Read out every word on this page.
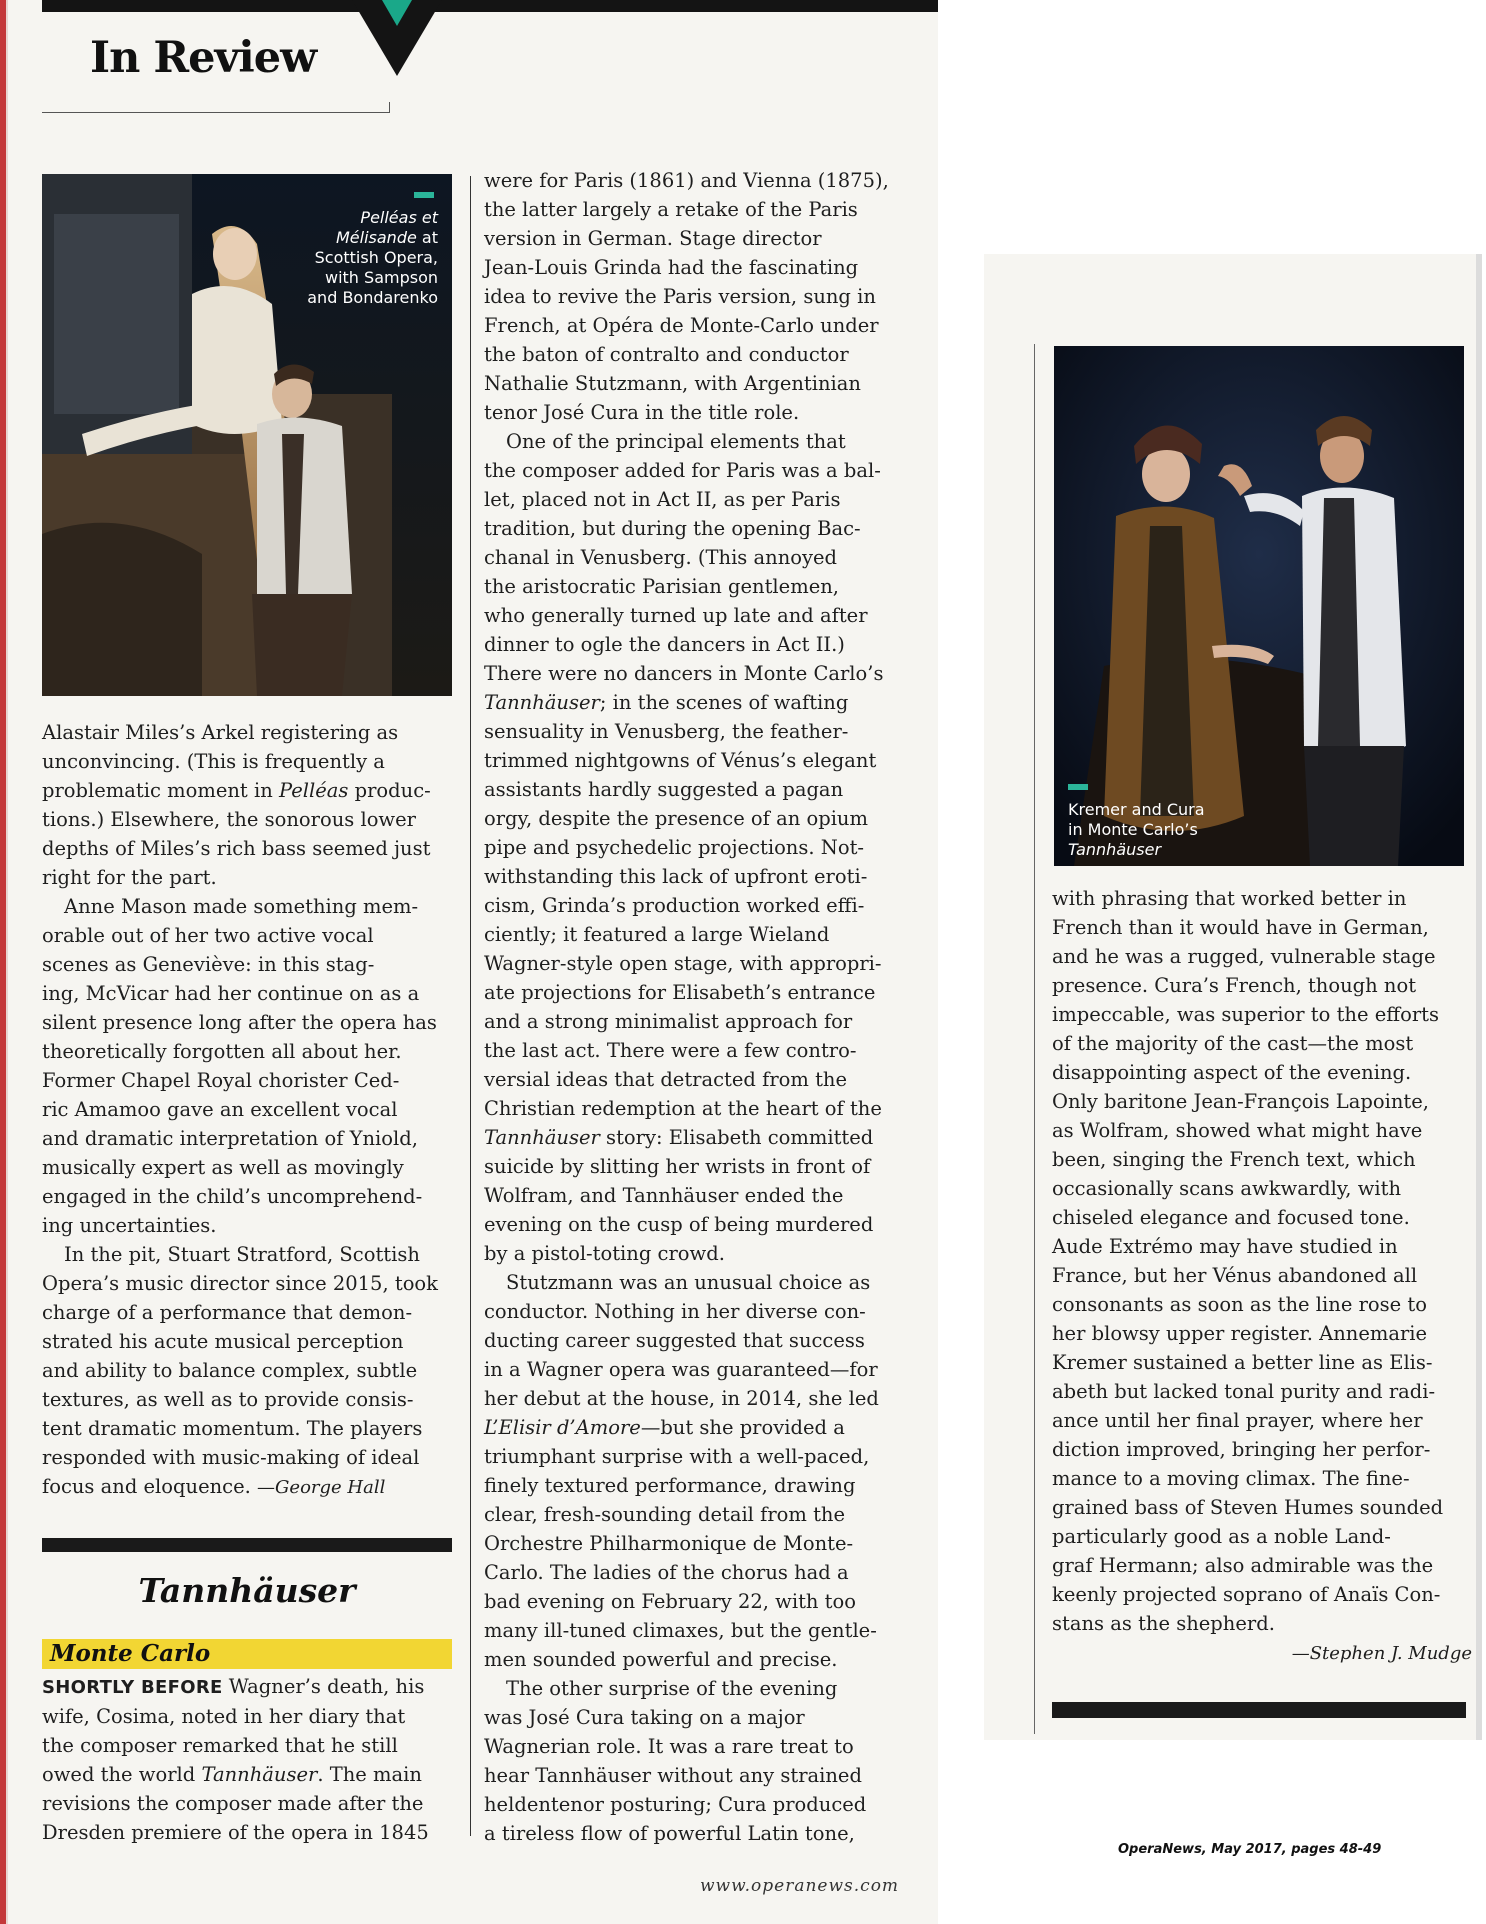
In Review
Pelléas et
Mélisande at
Scottish Opera,
with Sampson
and Bondarenko
Alastair Miles’s Arkel registering as
unconvincing. (This is frequently a
problematic moment in Pelléas produc-
tions.) Elsewhere, the sonorous lower
depths of Miles’s rich bass seemed just
right for the part.
Anne Mason made something mem-
orable out of her two active vocal
scenes as Geneviève: in this stag-
ing, McVicar had her continue on as a
silent presence long after the opera has
theoretically forgotten all about her.
Former Chapel Royal chorister Ced-
ric Amamoo gave an excellent vocal
and dramatic interpretation of Yniold,
musically expert as well as movingly
engaged in the child’s uncomprehend-
ing uncertainties.
In the pit, Stuart Stratford, Scottish
Opera’s music director since 2015, took
charge of a performance that demon-
strated his acute musical perception
and ability to balance complex, subtle
textures, as well as to provide consis-
tent dramatic momentum. The players
responded with music-making of ideal
focus and eloquence. —George Hall
Tannhäuser
Monte Carlo
SHORTLY BEFORE Wagner’s death, his
wife, Cosima, noted in her diary that
the composer remarked that he still
owed the world Tannhäuser. The main
revisions the composer made after the
Dresden premiere of the opera in 1845
were for Paris (1861) and Vienna (1875),
the latter largely a retake of the Paris
version in German. Stage director
Jean-Louis Grinda had the fascinating
idea to revive the Paris version, sung in
French, at Opéra de Monte-Carlo under
the baton of contralto and conductor
Nathalie Stutzmann, with Argentinian
tenor José Cura in the title role.
One of the principal elements that
the composer added for Paris was a bal-
let, placed not in Act II, as per Paris
tradition, but during the opening Bac-
chanal in Venusberg. (This annoyed
the aristocratic Parisian gentlemen,
who generally turned up late and after
dinner to ogle the dancers in Act II.)
There were no dancers in Monte Carlo’s
Tannhäuser; in the scenes of wafting
sensuality in Venusberg, the feather-
trimmed nightgowns of Vénus’s elegant
assistants hardly suggested a pagan
orgy, despite the presence of an opium
pipe and psychedelic projections. Not-
withstanding this lack of upfront eroti-
cism, Grinda’s production worked effi-
ciently; it featured a large Wieland
Wagner-style open stage, with appropri-
ate projections for Elisabeth’s entrance
and a strong minimalist approach for
the last act. There were a few contro-
versial ideas that detracted from the
Christian redemption at the heart of the
Tannhäuser story: Elisabeth committed
suicide by slitting her wrists in front of
Wolfram, and Tannhäuser ended the
evening on the cusp of being murdered
by a pistol-toting crowd.
Stutzmann was an unusual choice as
conductor. Nothing in her diverse con-
ducting career suggested that success
in a Wagner opera was guaranteed—for
her debut at the house, in 2014, she led
L’Elisir d’Amore—but she provided a
triumphant surprise with a well-paced,
finely textured performance, drawing
clear, fresh-sounding detail from the
Orchestre Philharmonique de Monte-
Carlo. The ladies of the chorus had a
bad evening on February 22, with too
many ill-tuned climaxes, but the gentle-
men sounded powerful and precise.
The other surprise of the evening
was José Cura taking on a major
Wagnerian role. It was a rare treat to
hear Tannhäuser without any strained
heldentenor posturing; Cura produced
a tireless flow of powerful Latin tone,
www.operanews.com
Kremer and Cura
in Monte Carlo’s
Tannhäuser
with phrasing that worked better in
French than it would have in German,
and he was a rugged, vulnerable stage
presence. Cura’s French, though not
impeccable, was superior to the efforts
of the majority of the cast—the most
disappointing aspect of the evening.
Only baritone Jean-François Lapointe,
as Wolfram, showed what might have
been, singing the French text, which
occasionally scans awkwardly, with
chiseled elegance and focused tone.
Aude Extrémo may have studied in
France, but her Vénus abandoned all
consonants as soon as the line rose to
her blowsy upper register. Annemarie
Kremer sustained a better line as Elis-
abeth but lacked tonal purity and radi-
ance until her final prayer, where her
diction improved, bringing her perfor-
mance to a moving climax. The fine-
grained bass of Steven Humes sounded
particularly good as a noble Land-
graf Hermann; also admirable was the
keenly projected soprano of Anaïs Con-
stans as the shepherd.
—Stephen J. Mudge
OperaNews, May 2017, pages 48-49
